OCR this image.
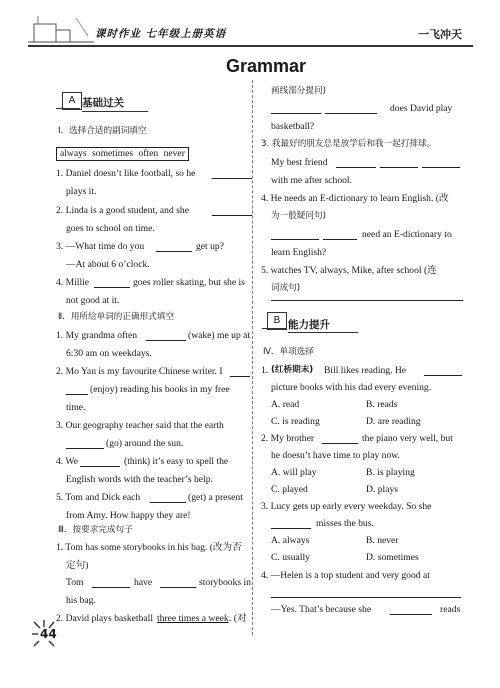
课时作业 七年级上册英语	一飞冲天
Grammar
A 基础过关
Ⅰ．选择合适的副词填空
always sometimes often never
1. Daniel doesn’t like football, so he
plays it.
2. Linda is a good student, and she
goes to school on time.
3. —What time do you	get up?
—At about 6 o’clock.
4. Millie	goes roller skating, but she is
not good at it.
Ⅱ．用所给单词的正确形式填空
1. My grandma often	(wake) me up at
6:30 am on weekdays.
2. Mo Yan is my favourite Chinese writer. I
(enjoy) reading his books in my free
time.
3. Our geography teacher said that the earth
(go) around the sun.
4. We	(think) it’s easy to spell the
English words with the teacher’s help.
5. Tom and Dick each	(get) a present
from Amy. How happy they are!
Ⅲ．按要求完成句子
1. Tom has some storybooks in his bag. (改为否
定句)
Tom	have	storybooks in
his bag.
2. David plays basketball three times a week . (对
44
画线部分提问)
does David play
basketball?
3. 我最好的朋友总是放学后和我一起打排球。
My best friend
with me after school.
4. He needs an E-dictionary to learn English. (改
为一般疑问句)
need an E-dictionary to
learn English?
5. watches TV, always, Mike, after school (连
词成句)
B 能力提升
Ⅳ．单项选择
1. (红桥期末) Bill likes reading. He
picture books with his dad every evening.
A. read	B. reads
C. is reading	D. are reading
2. My brother	the piano very well, but
he doesn’t have time to play now.
A. will play	B. is playing
C. played	D. plays
3. Lucy gets up early every weekday. So she
misses the bus.
A. always	B. never
C. usually	D. sometimes
4. —Helen is a top student and very good at
—Yes. That’s because she	reads
